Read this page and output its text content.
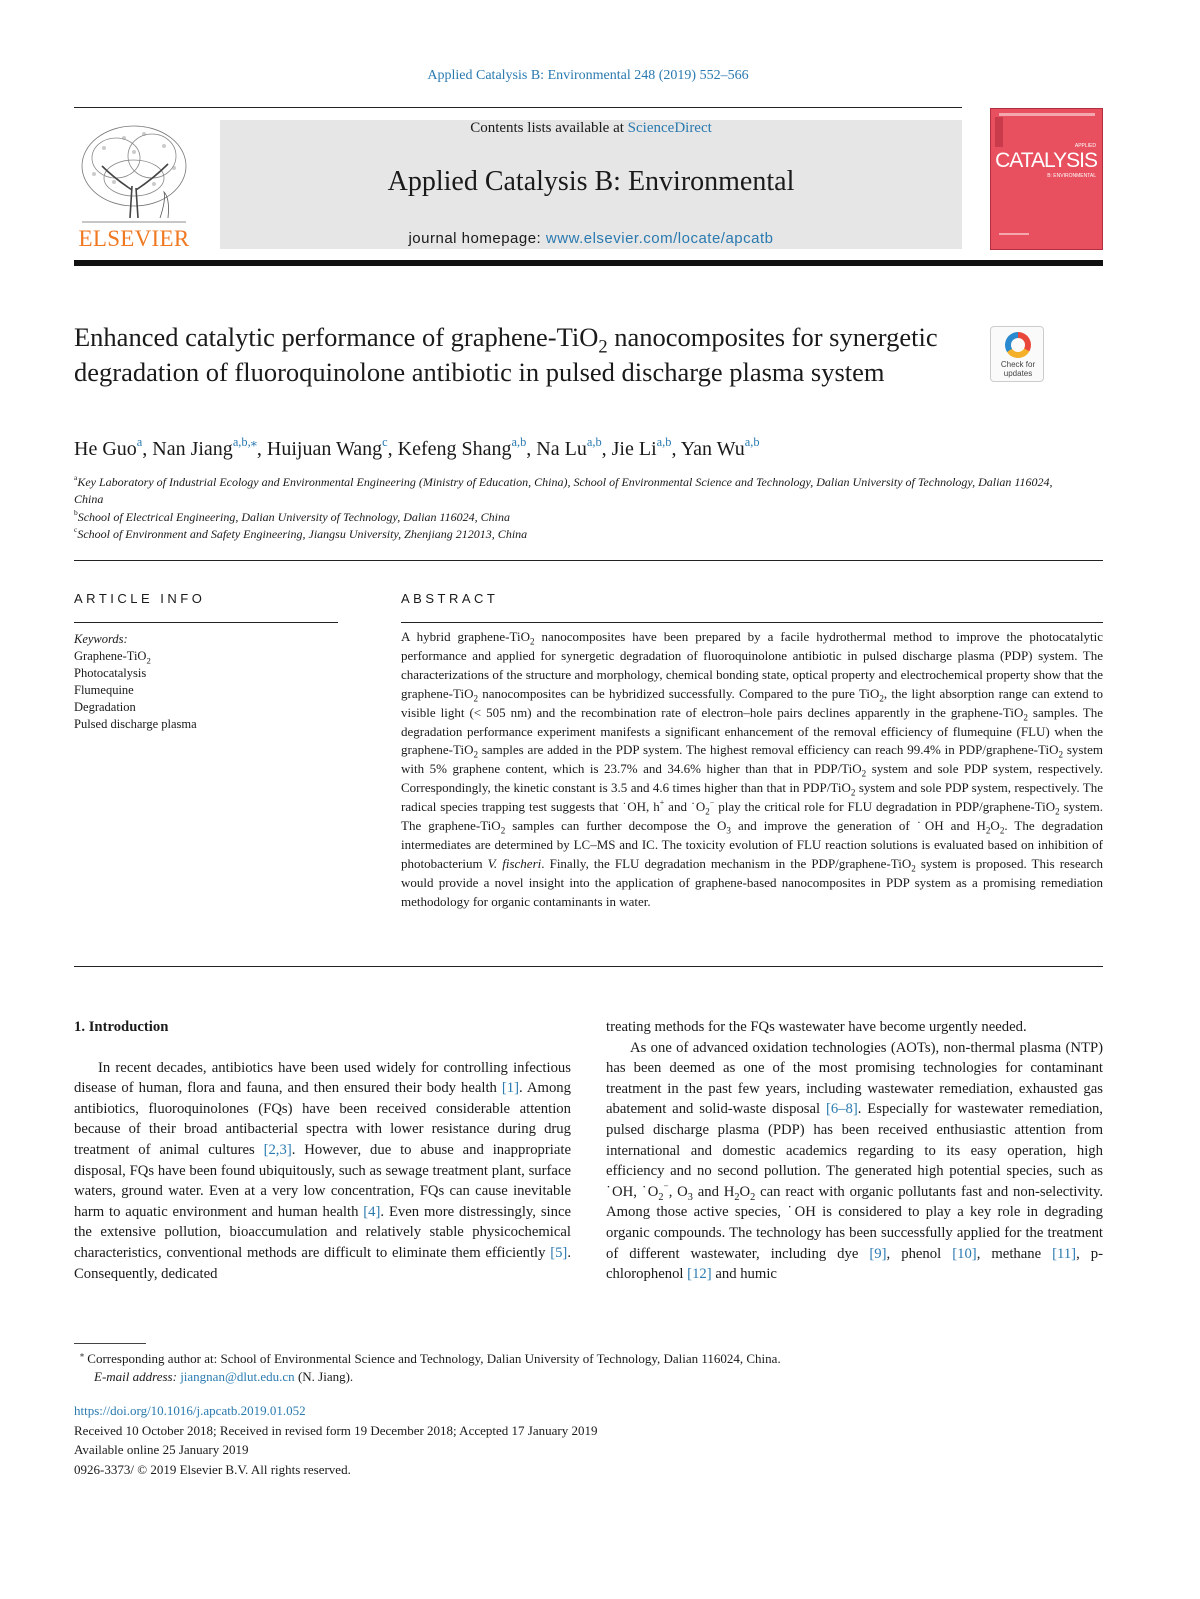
Applied Catalysis B: Environmental 248 (2019) 552–566
ELSEVIER
Contents lists available at ScienceDirect
Applied Catalysis B: Environmental
journal homepage: www.elsevier.com/locate/apcatb
APPLIED
CATALYSIS
B: ENVIRONMENTAL
Enhanced catalytic performance of graphene-TiO$_2$ nanocomposites for synergetic degradation of fluoroquinolone antibiotic in pulsed discharge plasma system	Check for
updates
He Guo$^a$, Nan Jiang$^{a,b,⁎}$, Huijuan Wang$^c$, Kefeng Shang$^{a,b}$, Na Lu$^{a,b}$, Jie Li$^{a,b}$, Yan Wu$^{a,b}$
$^a$Key Laboratory of Industrial Ecology and Environmental Engineering (Ministry of Education, China), School of Environmental Science and Technology, Dalian University of Technology, Dalian 116024, China
$^b$School of Electrical Engineering, Dalian University of Technology, Dalian 116024, China
$^c$School of Environment and Safety Engineering, Jiangsu University, Zhenjiang 212013, China
ARTICLE INFO	ABSTRACT
Keywords:
Graphene-TiO$_2$
Photocatalysis
Flumequine
Degradation
Pulsed discharge plasma
A hybrid graphene-TiO$_2$ nanocomposites have been prepared by a facile hydrothermal method to improve the photocatalytic performance and applied for synergetic degradation of fluoroquinolone antibiotic in pulsed discharge plasma (PDP) system. The characterizations of the structure and morphology, chemical bonding state, optical property and electrochemical property show that the graphene-TiO$_2$ nanocomposites can be hybridized successfully. Compared to the pure TiO$_2$, the light absorption range can extend to visible light (< 505 nm) and the recombination rate of electron–hole pairs declines apparently in the graphene-TiO$_2$ samples. The degradation performance experiment manifests a significant enhancement of the removal efficiency of flumequine (FLU) when the graphene-TiO$_2$ samples are added in the PDP system. The highest removal efficiency can reach 99.4% in PDP/graphene-TiO$_2$ system with 5% graphene content, which is 23.7% and 34.6% higher than that in PDP/TiO$_2$ system and sole PDP system, respectively. Correspondingly, the kinetic constant is 3.5 and 4.6 times higher than that in PDP/TiO$_2$ system and sole PDP system, respectively. The radical species trapping test suggests that ˙OH, h+ and $˙O_2^-$ play the critical role for FLU degradation in PDP/graphene-TiO$_2$ system. The graphene-TiO$_2$ samples can further decompose the $O_3$ and improve the generation of ˙OH and $H_2O_2$. The degradation intermediates are determined by LC–MS and IC. The toxicity evolution of FLU reaction solutions is evaluated based on inhibition of photobacterium V. fischeri. Finally, the FLU degradation mechanism in the PDP/graphene-TiO$_2$ system is proposed. This research would provide a novel insight into the application of graphene-based nanocomposites in PDP system as a promising remediation methodology for organic contaminants in water.
1. Introduction

In recent decades, antibiotics have been used widely for controlling infectious disease of human, flora and fauna, and then ensured their body health [1]. Among antibiotics, fluoroquinolones (FQs) have been received considerable attention because of their broad antibacterial spectra with lower resistance during drug treatment of animal cultures [2,3]. However, due to abuse and inappropriate disposal, FQs have been found ubiquitously, such as sewage treatment plant, surface waters, ground water. Even at a very low concentration, FQs can cause inevitable harm to aquatic environment and human health [4]. Even more distressingly, since the extensive pollution, bioaccumulation and relatively stable physicochemical characteristics, conventional methods are difficult to eliminate them efficiently [5]. Consequently, dedicated

treating methods for the FQs wastewater have become urgently needed.

As one of advanced oxidation technologies (AOTs), non-thermal plasma (NTP) has been deemed as one of the most promising technologies for contaminant treatment in the past few years, including wastewater remediation, exhausted gas abatement and solid-waste disposal [6–8]. Especially for wastewater remediation, pulsed discharge plasma (PDP) has been received enthusiastic attention from international and domestic academics regarding to its easy operation, high efficiency and no second pollution. The generated high potential species, such as ˙OH, $˙O_2^-$, $O_3$ and $H_2O_2$ can react with organic pollutants fast and non-selectivity. Among those active species, ˙OH is considered to play a key role in degrading organic compounds. The technology has been successfully applied for the treatment of different wastewater, including dye [9], phenol [10], methane [11], p-chlorophenol [12] and humic

⁎ Corresponding author at: School of Environmental Science and Technology, Dalian University of Technology, Dalian 116024, China.
E-mail address: jiangnan@dlut.edu.cn (N. Jiang).
https://doi.org/10.1016/j.apcatb.2019.01.052
Received 10 October 2018; Received in revised form 19 December 2018; Accepted 17 January 2019
Available online 25 January 2019
0926-3373/ © 2019 Elsevier B.V. All rights reserved.
